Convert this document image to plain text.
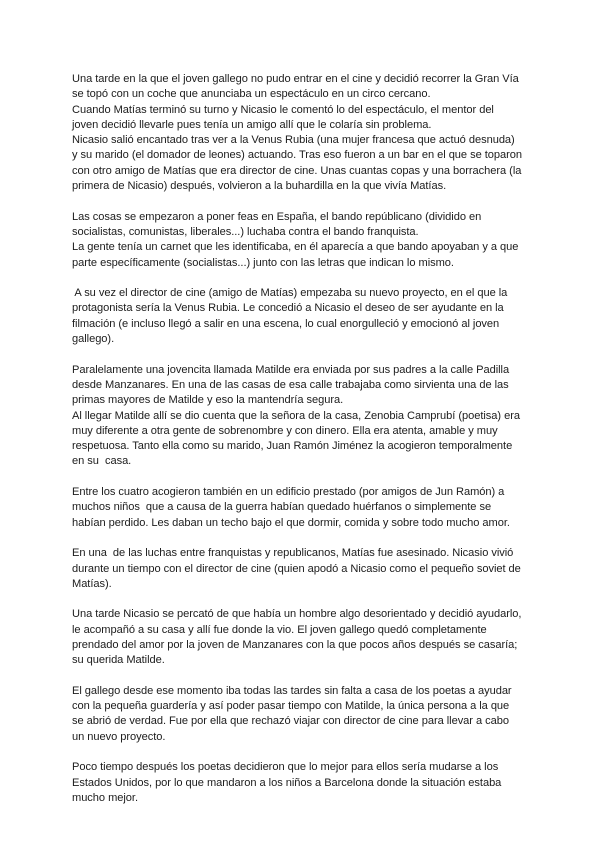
Una tarde en la que el joven gallego no pudo entrar en el cine y decidió recorrer la Gran Vía
se topó con un coche que anunciaba un espectáculo en un circo cercano.
Cuando Matías terminó su turno y Nicasio le comentó lo del espectáculo, el mentor del
joven decidió llevarle pues tenía un amigo allí que le colaría sin problema.
Nicasio salió encantado tras ver a la Venus Rubia (una mujer francesa que actuó desnuda)
y su marido (el domador de leones) actuando. Tras eso fueron a un bar en el que se toparon
con otro amigo de Matías que era director de cine. Unas cuantas copas y una borrachera (la
primera de Nicasio) después, volvieron a la buhardilla en la que vivía Matías.

Las cosas se empezaron a poner feas en España, el bando repúblicano (dividido en
socialistas, comunistas, liberales...) luchaba contra el bando franquista.
La gente tenía un carnet que les identificaba, en él aparecía a que bando apoyaban y a que
parte específicamente (socialistas...) junto con las letras que indican lo mismo.

A su vez el director de cine (amigo de Matías) empezaba su nuevo proyecto, en el que la
protagonista sería la Venus Rubia. Le concedió a Nicasio el deseo de ser ayudante en la
filmación (e incluso llegó a salir en una escena, lo cual enorgulleció y emocionó al joven
gallego).

Paralelamente una jovencita llamada Matilde era enviada por sus padres a la calle Padilla
desde Manzanares. En una de las casas de esa calle trabajaba como sirvienta una de las
primas mayores de Matilde y eso la mantendría segura.
Al llegar Matilde allí se dio cuenta que la señora de la casa, Zenobia Camprubí (poetisa) era
muy diferente a otra gente de sobrenombre y con dinero. Ella era atenta, amable y muy
respetuosa. Tanto ella como su marido, Juan Ramón Jiménez la acogieron temporalmente
en su  casa.

Entre los cuatro acogieron también en un edificio prestado (por amigos de Jun Ramón) a
muchos niños  que a causa de la guerra habían quedado huérfanos o simplemente se
habían perdido. Les daban un techo bajo el que dormir, comida y sobre todo mucho amor.

En una  de las luchas entre franquistas y republicanos, Matías fue asesinado. Nicasio vivió
durante un tiempo con el director de cine (quien apodó a Nicasio como el pequeño soviet de
Matías).

Una tarde Nicasio se percató de que había un hombre algo desorientado y decidió ayudarlo,
le acompañó a su casa y allí fue donde la vio. El joven gallego quedó completamente
prendado del amor por la joven de Manzanares con la que pocos años después se casaría;
su querida Matilde.

El gallego desde ese momento iba todas las tardes sin falta a casa de los poetas a ayudar
con la pequeña guardería y así poder pasar tiempo con Matilde, la única persona a la que
se abrió de verdad. Fue por ella que rechazó viajar con director de cine para llevar a cabo
un nuevo proyecto.

Poco tiempo después los poetas decidieron que lo mejor para ellos sería mudarse a los
Estados Unidos, por lo que mandaron a los niños a Barcelona donde la situación estaba
mucho mejor.
